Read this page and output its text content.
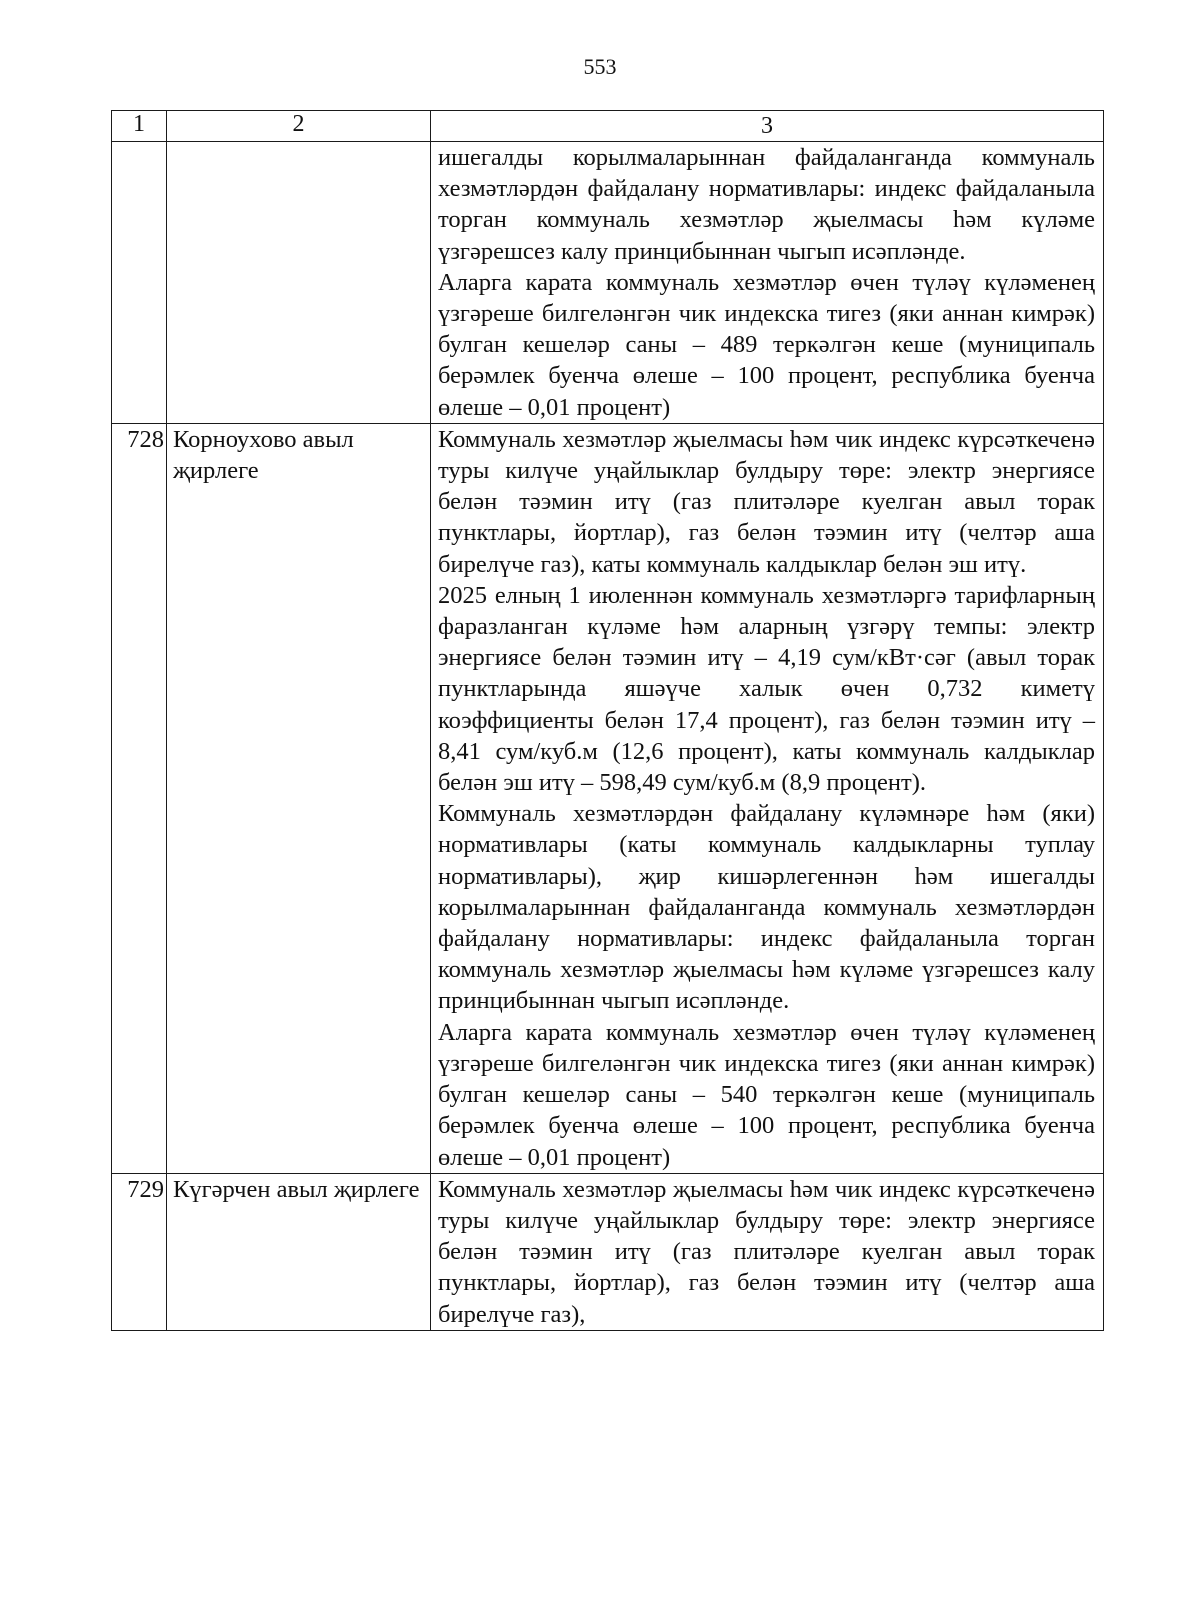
553
1	2	3

		ишегалды корылмаларыннан файдаланганда коммуналь хезмәтләрдән файдалану нормативлары: индекс файдаланыла торган коммуналь хезмәтләр җыелмасы һәм күләме үзгәрешсез калу принцибыннан чыгып исәпләнде.

Аларга карата коммуналь хезмәтләр өчен түләү күләменең үзгәреше билгеләнгән чик индекска тигез (яки аннан кимрәк) булган кешеләр саны – 489 теркәлгән кеше (муниципаль берәмлек буенча өлеше – 100 процент, республика буенча өлеше – 0,01 процент)

728	Корноухово авыл җирлеге	Коммуналь хезмәтләр җыелмасы һәм чик индекс күрсәткеченә туры килүче уңайлыклар булдыру төре: электр энергиясе белән тәэмин итү (газ плитәләре куелган авыл торак пунктлары, йортлар), газ белән тәэмин итү (челтәр аша бирелүче газ), каты коммуналь калдыклар белән эш итү.

2025 елның 1 июленнән коммуналь хезмәтләргә тарифларның фаразланган күләме һәм аларның үзгәрү темпы: электр энергиясе белән тәэмин итү – 4,19 сум/кВт·сәг (авыл торак пунктларында яшәүче халык өчен 0,732 киметү коэффициенты белән 17,4 процент), газ белән тәэмин итү – 8,41 сум/куб.м (12,6 процент), каты коммуналь калдыклар белән эш итү – 598,49 сум/куб.м (8,9 процент).

Коммуналь хезмәтләрдән файдалану күләмнәре һәм (яки) нормативлары (каты коммуналь калдыкларны туплау нормативлары), җир кишәрлегеннән һәм ишегалды корылмаларыннан файдаланганда коммуналь хезмәтләрдән файдалану нормативлары: индекс файдаланыла торган коммуналь хезмәтләр җыелмасы һәм күләме үзгәрешсез калу принцибыннан чыгып исәпләнде.

Аларга карата коммуналь хезмәтләр өчен түләү күләменең үзгәреше билгеләнгән чик индекска тигез (яки аннан кимрәк) булган кешеләр саны – 540 теркәлгән кеше (муниципаль берәмлек буенча өлеше – 100 процент, республика буенча өлеше – 0,01 процент)

729	Күгәрчен авыл җирлеге	Коммуналь хезмәтләр җыелмасы һәм чик индекс күрсәткеченә туры килүче уңайлыклар булдыру төре: электр энергиясе белән тәэмин итү (газ плитәләре куелган авыл торак пунктлары, йортлар), газ белән тәэмин итү (челтәр аша бирелүче газ),
